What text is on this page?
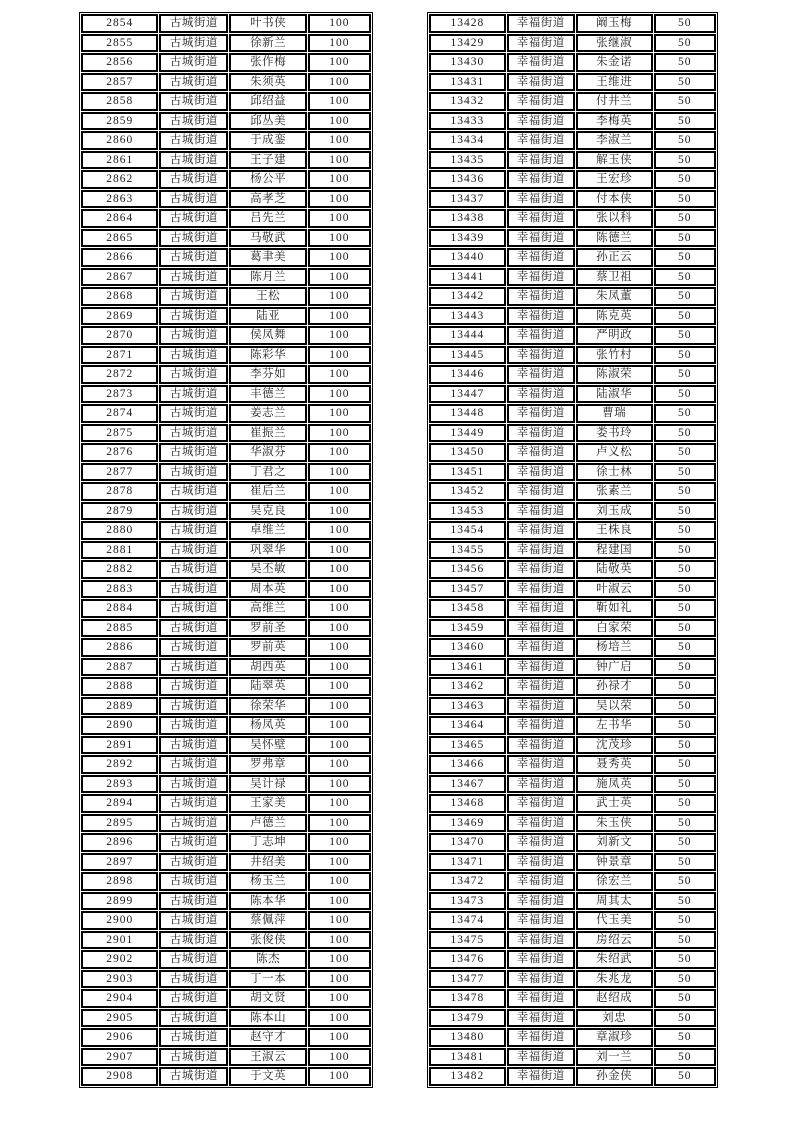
2854	古城街道	叶书侠	100
2855	古城街道	徐新兰	100
2856	古城街道	张作梅	100
2857	古城街道	朱须英	100
2858	古城街道	邱绍益	100
2859	古城街道	邱丛美	100
2860	古城街道	于成銮	100
2861	古城街道	王子建	100
2862	古城街道	杨公平	100
2863	古城街道	高孝芝	100
2864	古城街道	吕先兰	100
2865	古城街道	马敬武	100
2866	古城街道	葛聿美	100
2867	古城街道	陈月兰	100
2868	古城街道	王松	100
2869	古城街道	陆亚	100
2870	古城街道	侯凤舞	100
2871	古城街道	陈彩华	100
2872	古城街道	李芬如	100
2873	古城街道	丰德兰	100
2874	古城街道	姜志兰	100
2875	古城街道	崔振兰	100
2876	古城街道	华淑芬	100
2877	古城街道	丁君之	100
2878	古城街道	崔后兰	100
2879	古城街道	吴克良	100
2880	古城街道	卓维兰	100
2881	古城街道	巩翠华	100
2882	古城街道	吴丕敏	100
2883	古城街道	周本英	100
2884	古城街道	高维兰	100
2885	古城街道	罗前圣	100
2886	古城街道	罗前英	100
2887	古城街道	胡西英	100
2888	古城街道	陆翠英	100
2889	古城街道	徐荣华	100
2890	古城街道	杨凤英	100
2891	古城街道	吴怀壁	100
2892	古城街道	罗弗章	100
2893	古城街道	吴计禄	100
2894	古城街道	王家美	100
2895	古城街道	卢德兰	100
2896	古城街道	丁志坤	100
2897	古城街道	井绍美	100
2898	古城街道	杨玉兰	100
2899	古城街道	陈本华	100
2900	古城街道	蔡佩萍	100
2901	古城街道	张俊侠	100
2902	古城街道	陈杰	100
2903	古城街道	丁一本	100
2904	古城街道	胡文贤	100
2905	古城街道	陈本山	100
2906	古城街道	赵守才	100
2907	古城街道	王淑云	100
2908	古城街道	于文英	100
13428	幸福街道	阚玉梅	50
13429	幸福街道	张继淑	50
13430	幸福街道	朱金诺	50
13431	幸福街道	王维进	50
13432	幸福街道	付井兰	50
13433	幸福街道	李梅英	50
13434	幸福街道	李淑兰	50
13435	幸福街道	解玉侠	50
13436	幸福街道	王宏珍	50
13437	幸福街道	付本侠	50
13438	幸福街道	张以科	50
13439	幸福街道	陈德兰	50
13440	幸福街道	孙正云	50
13441	幸福街道	蔡卫祖	50
13442	幸福街道	朱凤董	50
13443	幸福街道	陈克英	50
13444	幸福街道	严明政	50
13445	幸福街道	张竹村	50
13446	幸福街道	陈淑荣	50
13447	幸福街道	陆淑华	50
13448	幸福街道	曹瑞	50
13449	幸福街道	娄书玲	50
13450	幸福街道	卢义松	50
13451	幸福街道	徐士林	50
13452	幸福街道	张素兰	50
13453	幸福街道	刘玉成	50
13454	幸福街道	王株良	50
13455	幸福街道	程建国	50
13456	幸福街道	陆敬英	50
13457	幸福街道	叶淑云	50
13458	幸福街道	靳如礼	50
13459	幸福街道	白家荣	50
13460	幸福街道	杨培兰	50
13461	幸福街道	钟广启	50
13462	幸福街道	孙禄才	50
13463	幸福街道	吴以荣	50
13464	幸福街道	左书华	50
13465	幸福街道	沈茂珍	50
13466	幸福街道	聂秀英	50
13467	幸福街道	施凤英	50
13468	幸福街道	武士英	50
13469	幸福街道	朱玉侠	50
13470	幸福街道	刘新文	50
13471	幸福街道	钟景章	50
13472	幸福街道	徐宏兰	50
13473	幸福街道	周其太	50
13474	幸福街道	代玉美	50
13475	幸福街道	房绍云	50
13476	幸福街道	朱绍武	50
13477	幸福街道	朱兆龙	50
13478	幸福街道	赵绍成	50
13479	幸福街道	刘忠	50
13480	幸福街道	章淑珍	50
13481	幸福街道	刘一兰	50
13482	幸福街道	孙金侠	50
